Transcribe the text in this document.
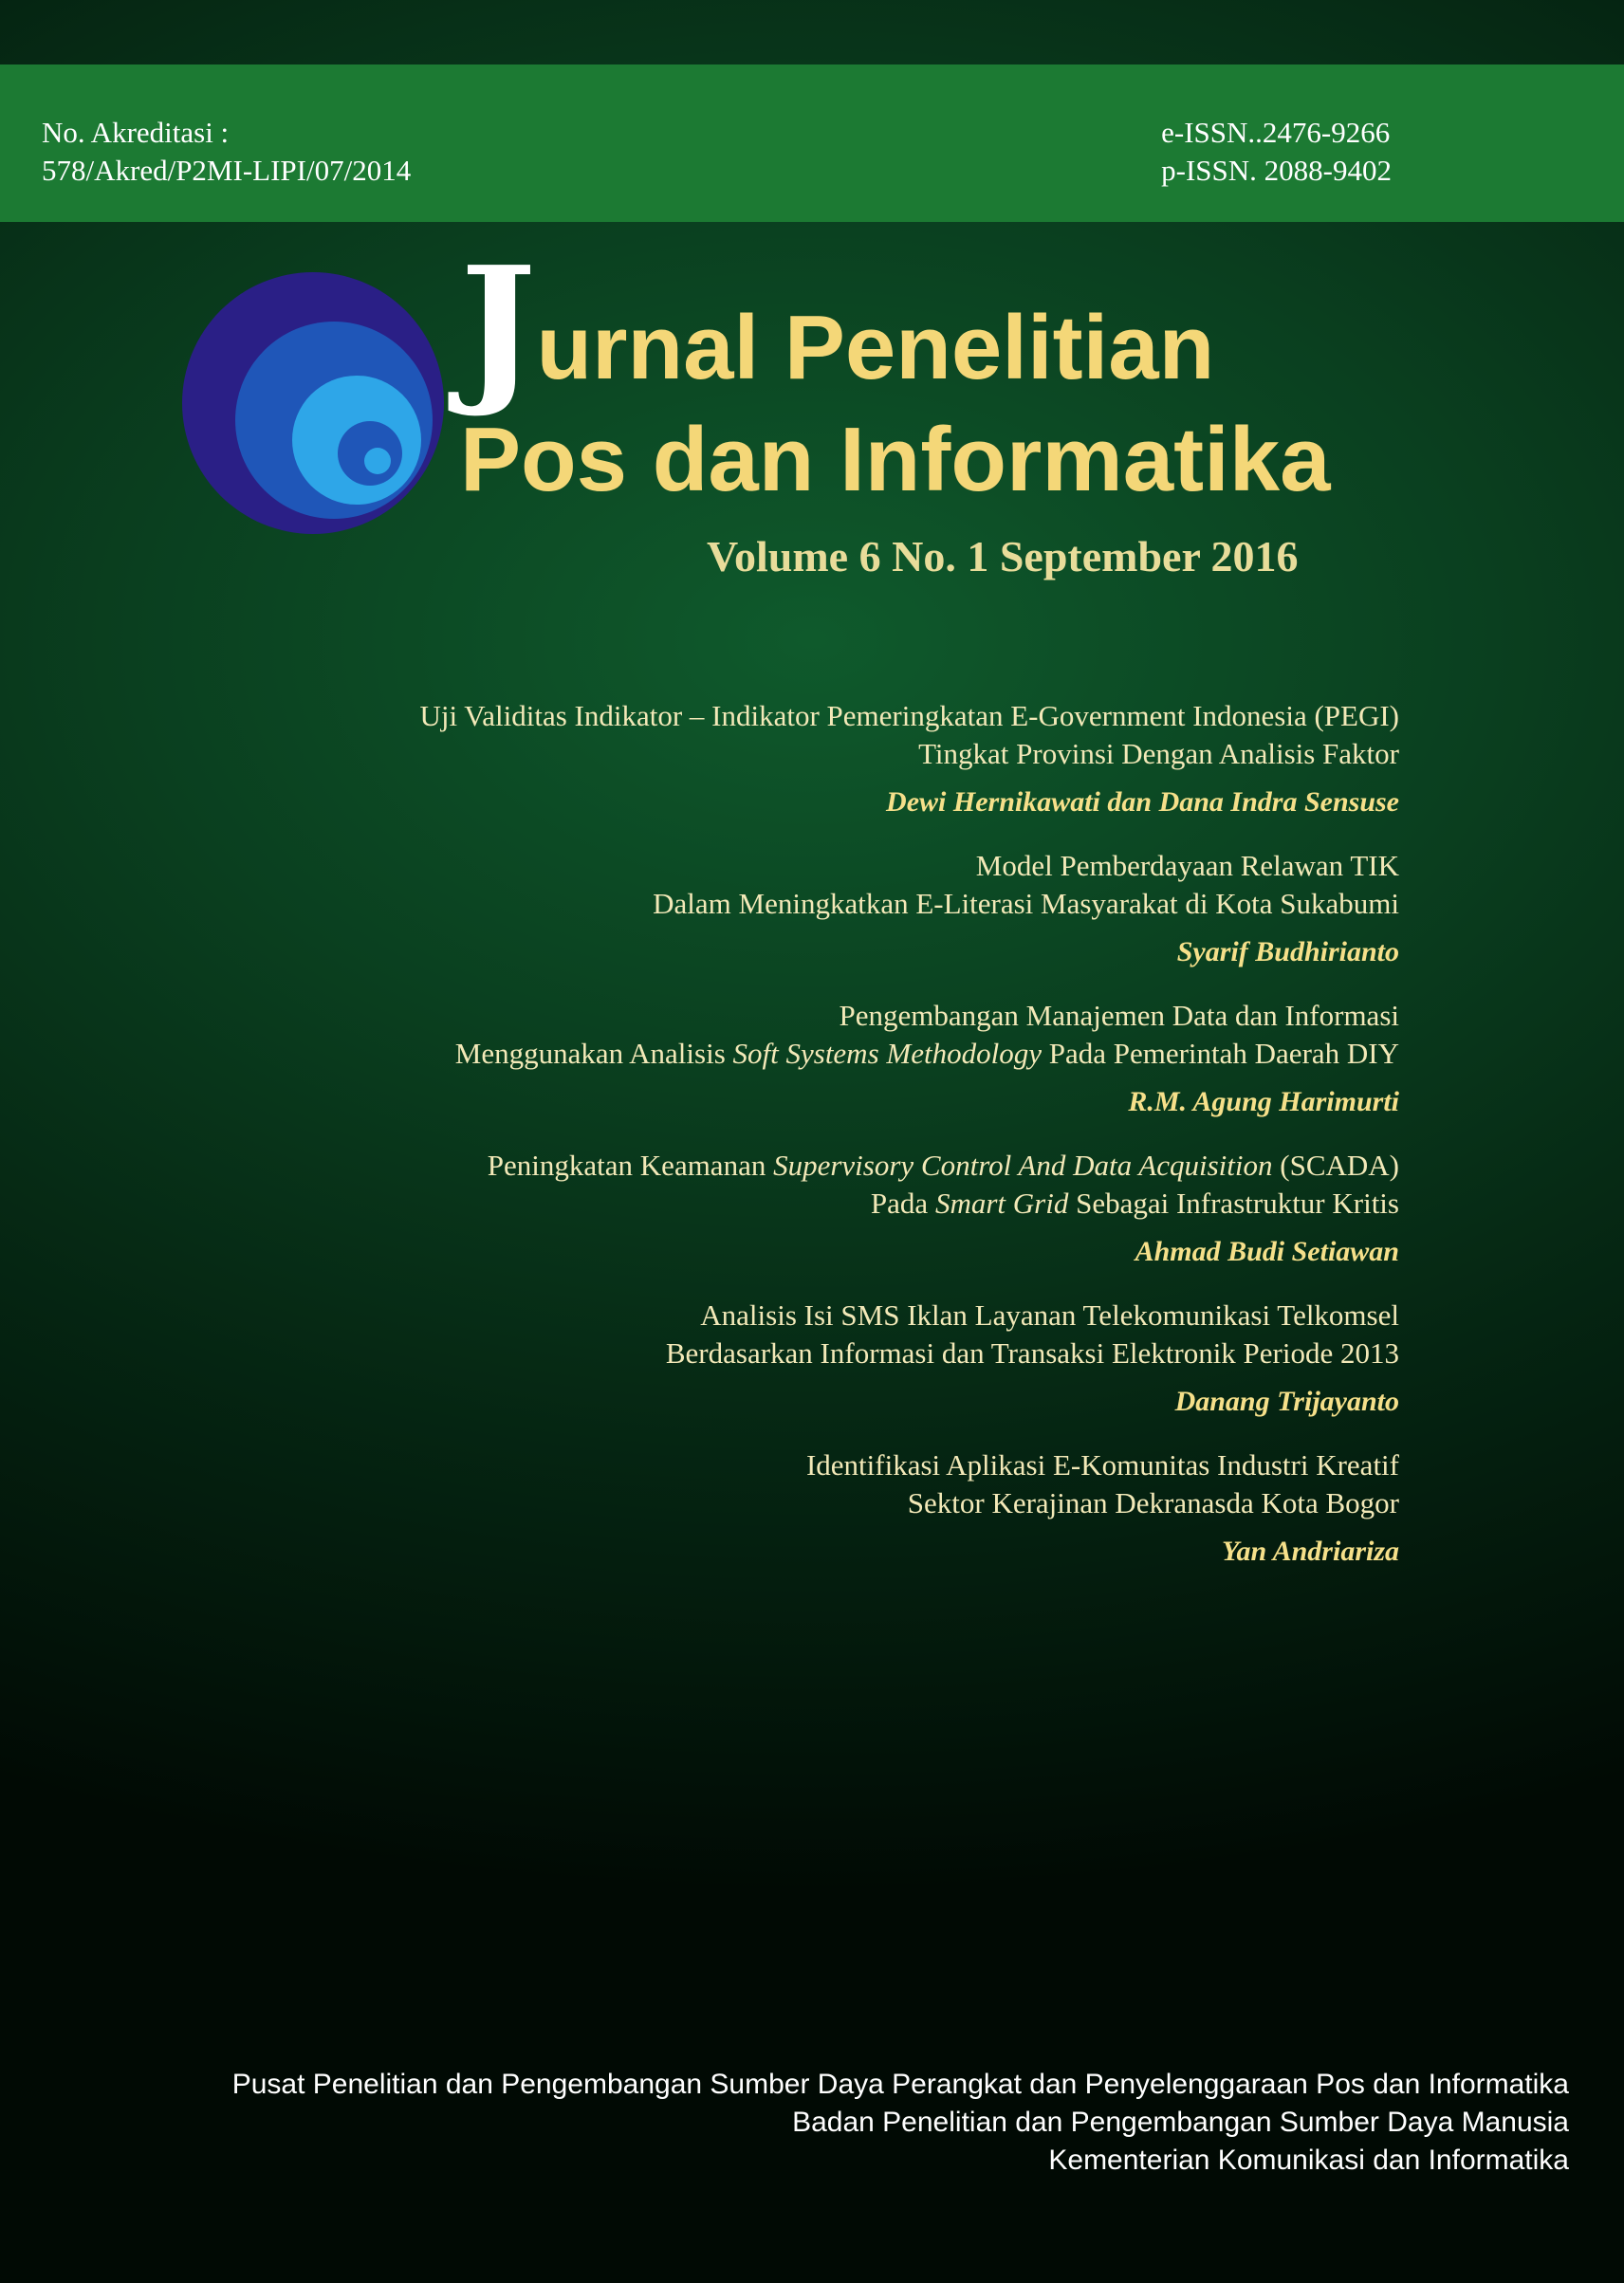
No. Akreditasi :
578/Akred/P2MI-LIPI/07/2014
e-ISSN..2476-9266
p-ISSN. 2088-9402
Jurnal Penelitian
Pos dan Informatika
Volume 6 No. 1 September 2016
Uji Validitas Indikator – Indikator Pemeringkatan E-Government Indonesia (PEGI)
Tingkat Provinsi Dengan Analisis Faktor
Dewi Hernikawati dan Dana Indra Sensuse
Model Pemberdayaan Relawan TIK
Dalam Meningkatkan E-Literasi Masyarakat di Kota Sukabumi
Syarif Budhirianto
Pengembangan Manajemen Data dan Informasi
Menggunakan Analisis Soft Systems Methodology Pada Pemerintah Daerah DIY
R.M. Agung Harimurti
Peningkatan Keamanan Supervisory Control And Data Acquisition (SCADA)
Pada Smart Grid Sebagai Infrastruktur Kritis
Ahmad Budi Setiawan
Analisis Isi SMS Iklan Layanan Telekomunikasi Telkomsel
Berdasarkan Informasi dan Transaksi Elektronik Periode 2013
Danang Trijayanto
Identifikasi Aplikasi E-Komunitas Industri Kreatif
Sektor Kerajinan Dekranasda Kota Bogor
Yan Andriariza
Pusat Penelitian dan Pengembangan Sumber Daya Perangkat dan Penyelenggaraan Pos dan Informatika
Badan Penelitian dan Pengembangan Sumber Daya Manusia
Kementerian Komunikasi dan Informatika
